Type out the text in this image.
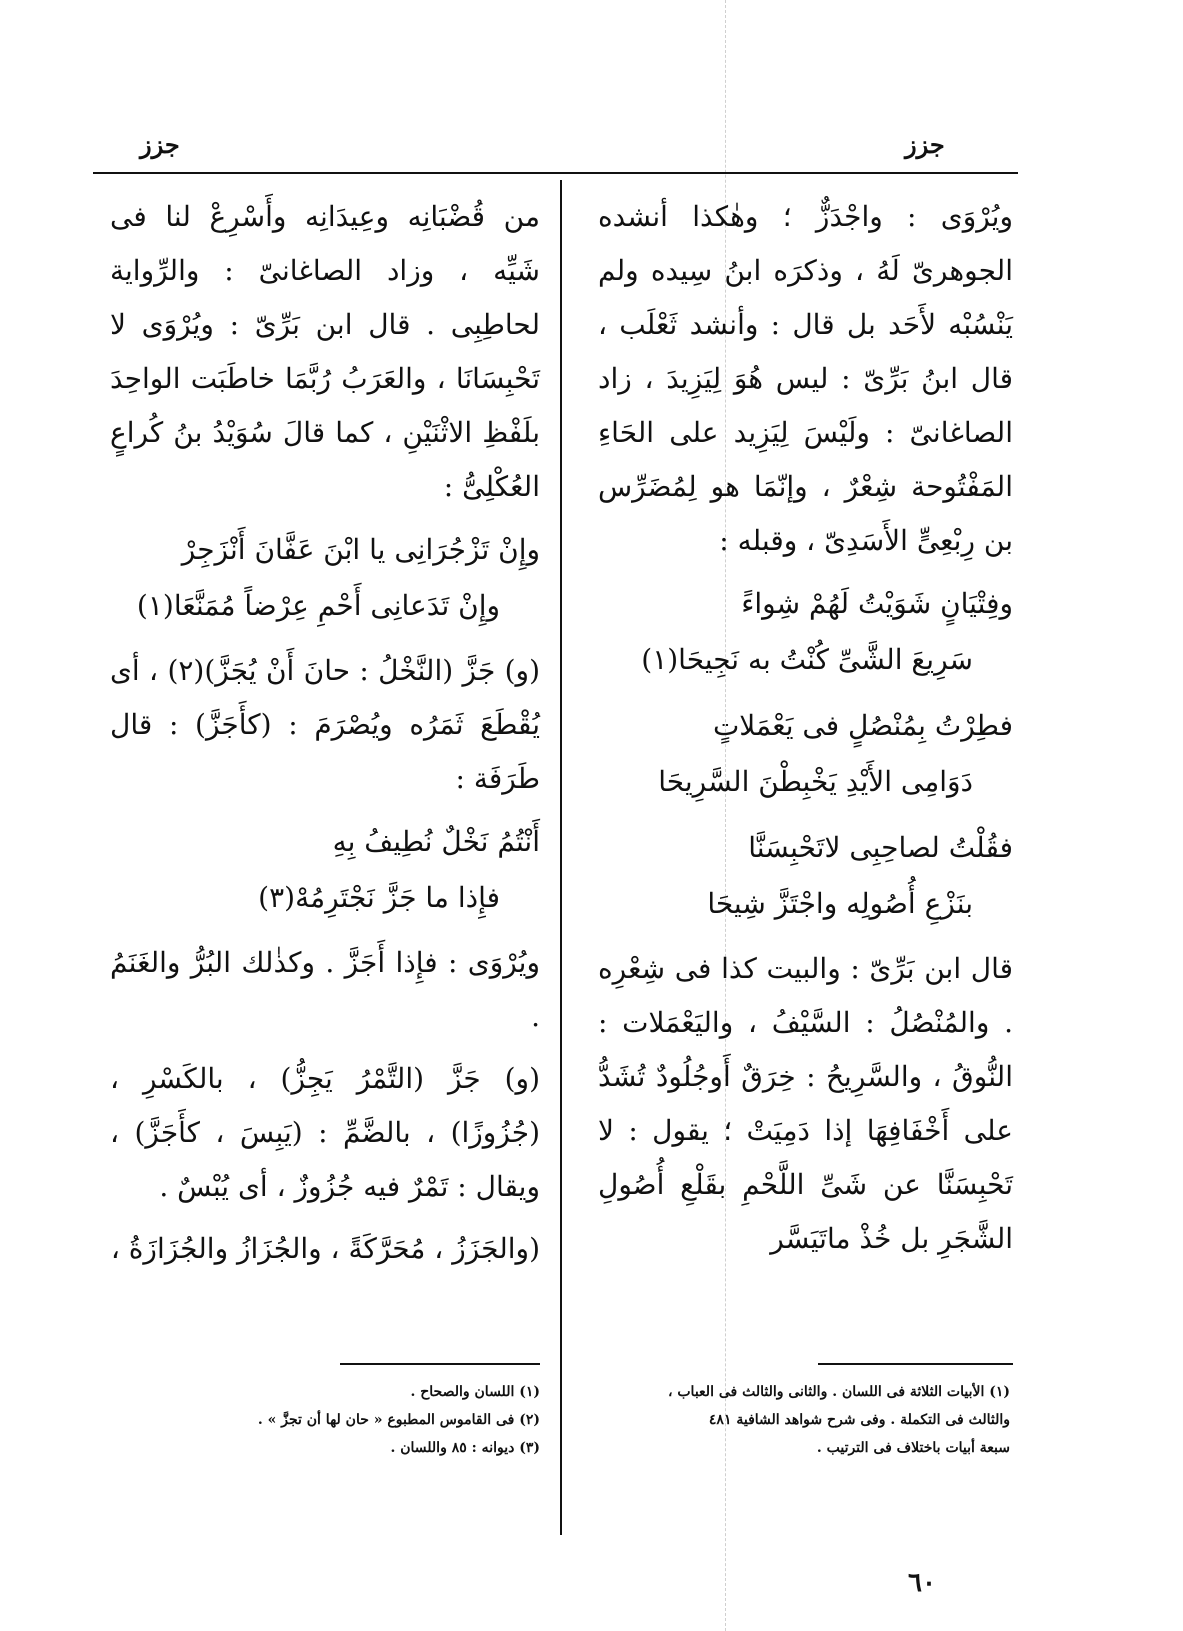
جزز
جزز

ويُرْوَى : واجْدَزٌّ ؛ وهٰكذا أنشده الجوهرىّ لَهُ ، وذكرَه ابنُ سِيده ولم يَنْسُبْه لأَحَد بل قال : وأنشد ثَعْلَب ، قال ابنُ بَرِّىّ : ليس هُوَ لِيَزِيدَ ، زاد الصاغانىّ : ولَيْسَ لِيَزِيد على الحَاءِ المَفْتُوحة شِعْرٌ ، وإنّمَا هو لِمُضَرِّس بن رِبْعِىٍّ الأَسَدِىّ ، وقبله :

وفِتْيَانٍ شَوَيْتُ لَهُمْ شِواءً
سَرِيعَ الشَّىِّ كُنْتُ به نَجِيحَا(١)
فطِرْتُ بِمُنْصُلٍ فى يَعْمَلاتٍ
دَوَامِى الأَيْدِ يَخْبِطْنَ السَّرِيحَا
فقُلْتُ لصاحِبِى لاتَحْبِسَنَّا
بنَزْعِ أُصُولِه واجْتَزَّ شِيحَا

قال ابن بَرِّىّ : والبيت كذا فى شِعْرِه . والمُنْصُلُ : السَّيْفُ ، واليَعْمَلات : النُّوقُ ، والسَّرِيحُ : خِرَقٌ أَوجُلُودٌ تُشَدُّ على أَخْفَافِهَا إذا دَمِيَتْ ؛ يقول : لا تَحْبِسَنَّا عن شَىِّ اللَّحْمِ بقَلْعِ أُصُولِ الشَّجَرِ بل خُذْ ماتَيَسَّر

من قُضْبَانِه وعِيدَانِه وأَسْرِعْ لنا فى شَيِّه ، وزاد الصاغانىّ : والرِّواية لحاطِبِى . قال ابن بَرِّىّ : ويُرْوَى لا تَحْبِسَانَا ، والعَرَبُ رُبَّمَا خاطَبَت الواحِدَ بلَفْظِ الاثْنَيْنِ ، كما قالَ سُوَيْدُ بنُ كُراعٍ العُكْلِىُّ :

وإِنْ تَزْجُرَانِى يا ابْنَ عَفَّانَ أَنْزَجِرْ
وإِنْ تَدَعانِى أَحْمِ عِرْضاً مُمَنَّعَا(١)

(و) جَزَّ (النَّخْلُ : حانَ أَنْ يُجَزَّ)(٢) ، أى يُقْطَعَ ثَمَرُه ويُصْرَمَ : (كأَجَزَّ) : قال طَرَفَة :

أَنْتُمُ نَخْلٌ نُطِيفُ بِهِ
فإِذا ما جَزَّ نَجْتَرِمُهْ(٣)

ويُرْوَى : فإِذا أَجَزَّ . وكذٰلك البُرُّ والغَنَمُ .

(و) جَزَّ (التَّمْرُ يَجِزُّ) ، بالكَسْرِ ، (جُزُوزًا) ، بالضَّمِّ : (يَبِسَ ، كأَجَزَّ) ، ويقال : تَمْرٌ فيه جُزُوزٌ ، أى يُبْسٌ .

(والجَزَزُ ، مُحَرَّكَةً ، والجُزَازُ والجُزَازَةُ ،

(١) الأبيات الثلاثة فى اللسان . والثانى والثالث فى العباب ،
والثالث فى التكملة . وفى شرح شواهد الشافية ٤٨١
سبعة أبيات باختلاف فى الترتيب .
(١) اللسان والصحاح .
(٢) فى القاموس المطبوع « حان لها أن تجزَّ » .
(٣) ديوانه : ٨٥ واللسان .
٦٠
